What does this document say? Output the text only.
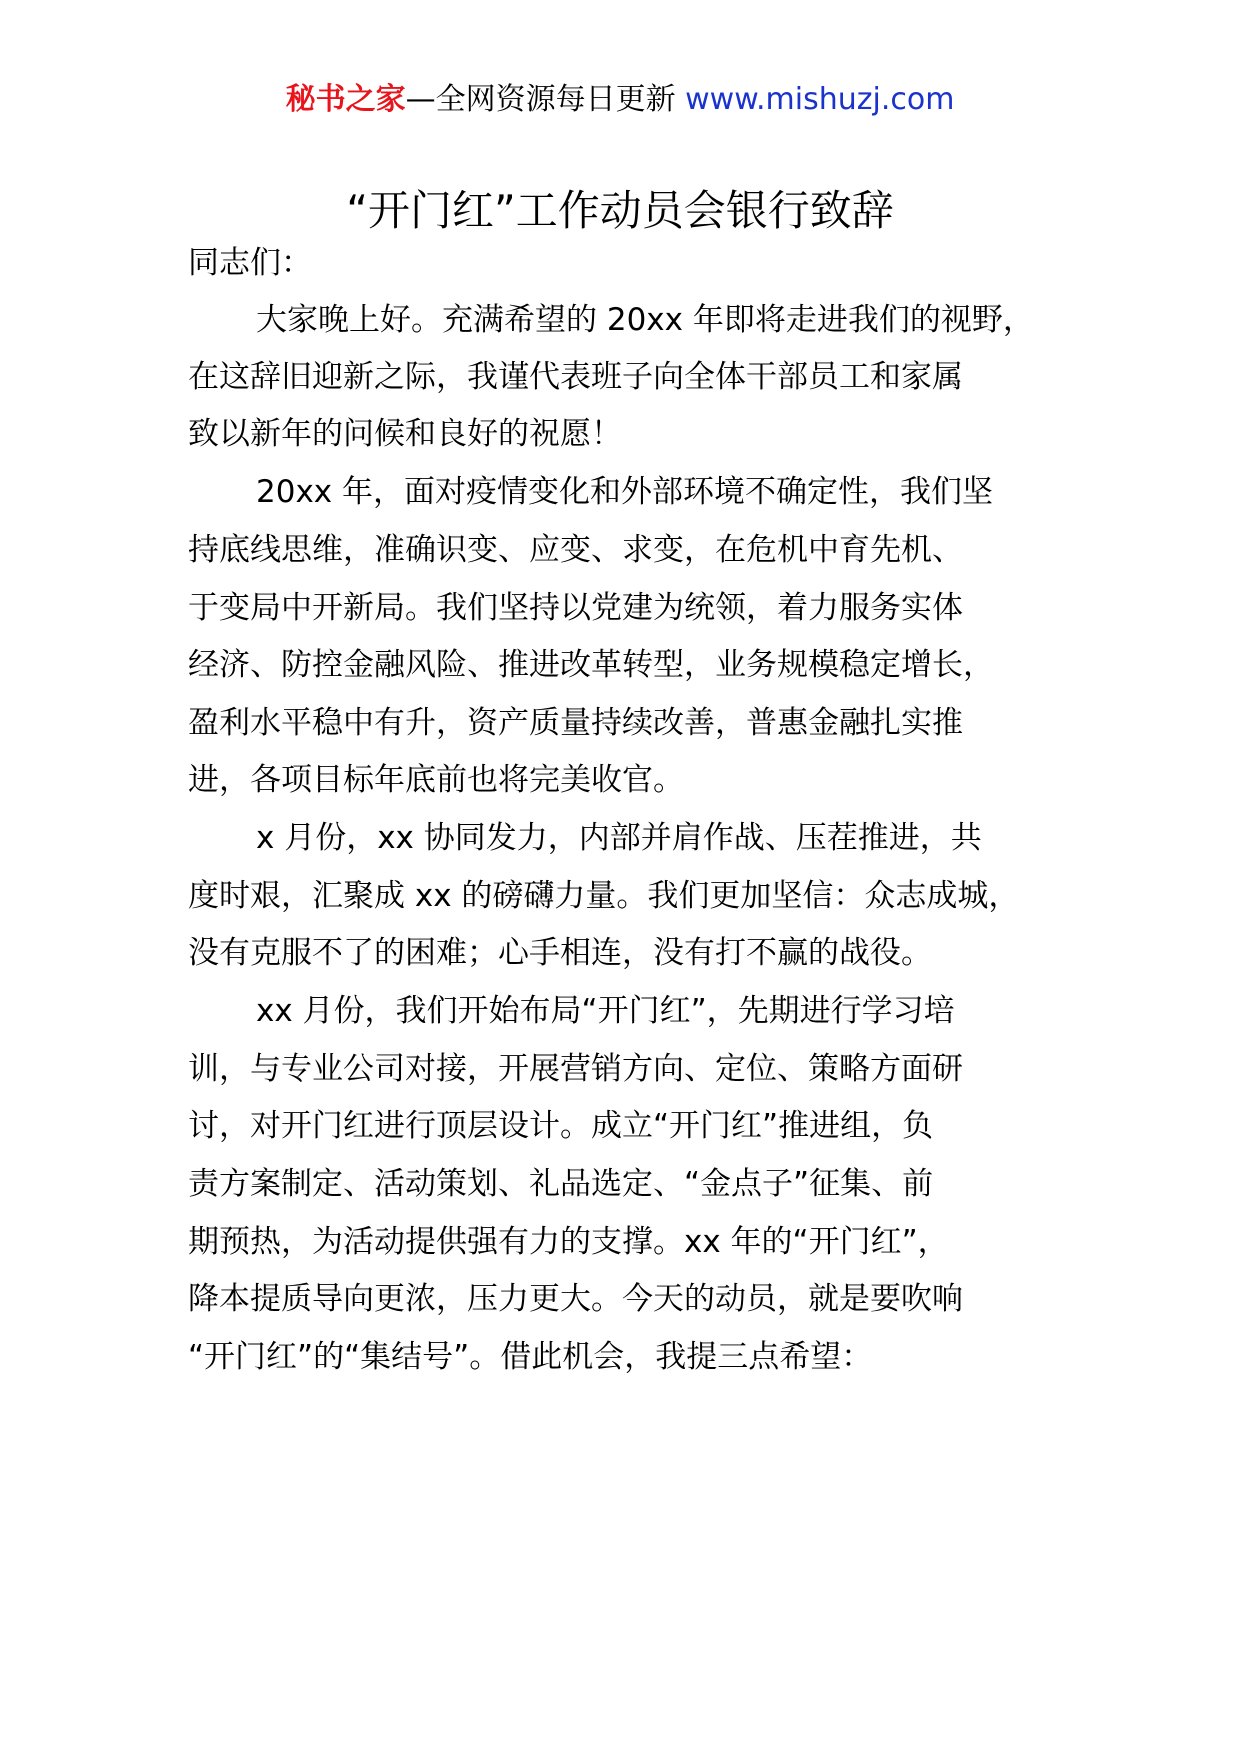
秘书之家—全网资源每日更新 www.mishuzj.com
“开门红”工作动员会银行致辞
同志们：
大家晚上好。充满希望的 20xx 年即将走进我们的视野，
在这辞旧迎新之际，我谨代表班子向全体干部员工和家属
致以新年的问候和良好的祝愿！
20xx 年，面对疫情变化和外部环境不确定性，我们坚
持底线思维，准确识变、应变、求变，在危机中育先机、
于变局中开新局。我们坚持以党建为统领，着力服务实体
经济、防控金融风险、推进改革转型，业务规模稳定增长，
盈利水平稳中有升，资产质量持续改善，普惠金融扎实推
进，各项目标年底前也将完美收官。
x 月份，xx 协同发力，内部并肩作战、压茬推进，共
度时艰，汇聚成 xx 的磅礴力量。我们更加坚信：众志成城，
没有克服不了的困难；心手相连，没有打不赢的战役。
xx 月份，我们开始布局“开门红”，先期进行学习培
训，与专业公司对接，开展营销方向、定位、策略方面研
讨，对开门红进行顶层设计。成立“开门红”推进组，负
责方案制定、活动策划、礼品选定、“金点子”征集、前
期预热，为活动提供强有力的支撑。xx 年的“开门红”，
降本提质导向更浓，压力更大。今天的动员，就是要吹响
“开门红”的“集结号”。借此机会，我提三点希望：
